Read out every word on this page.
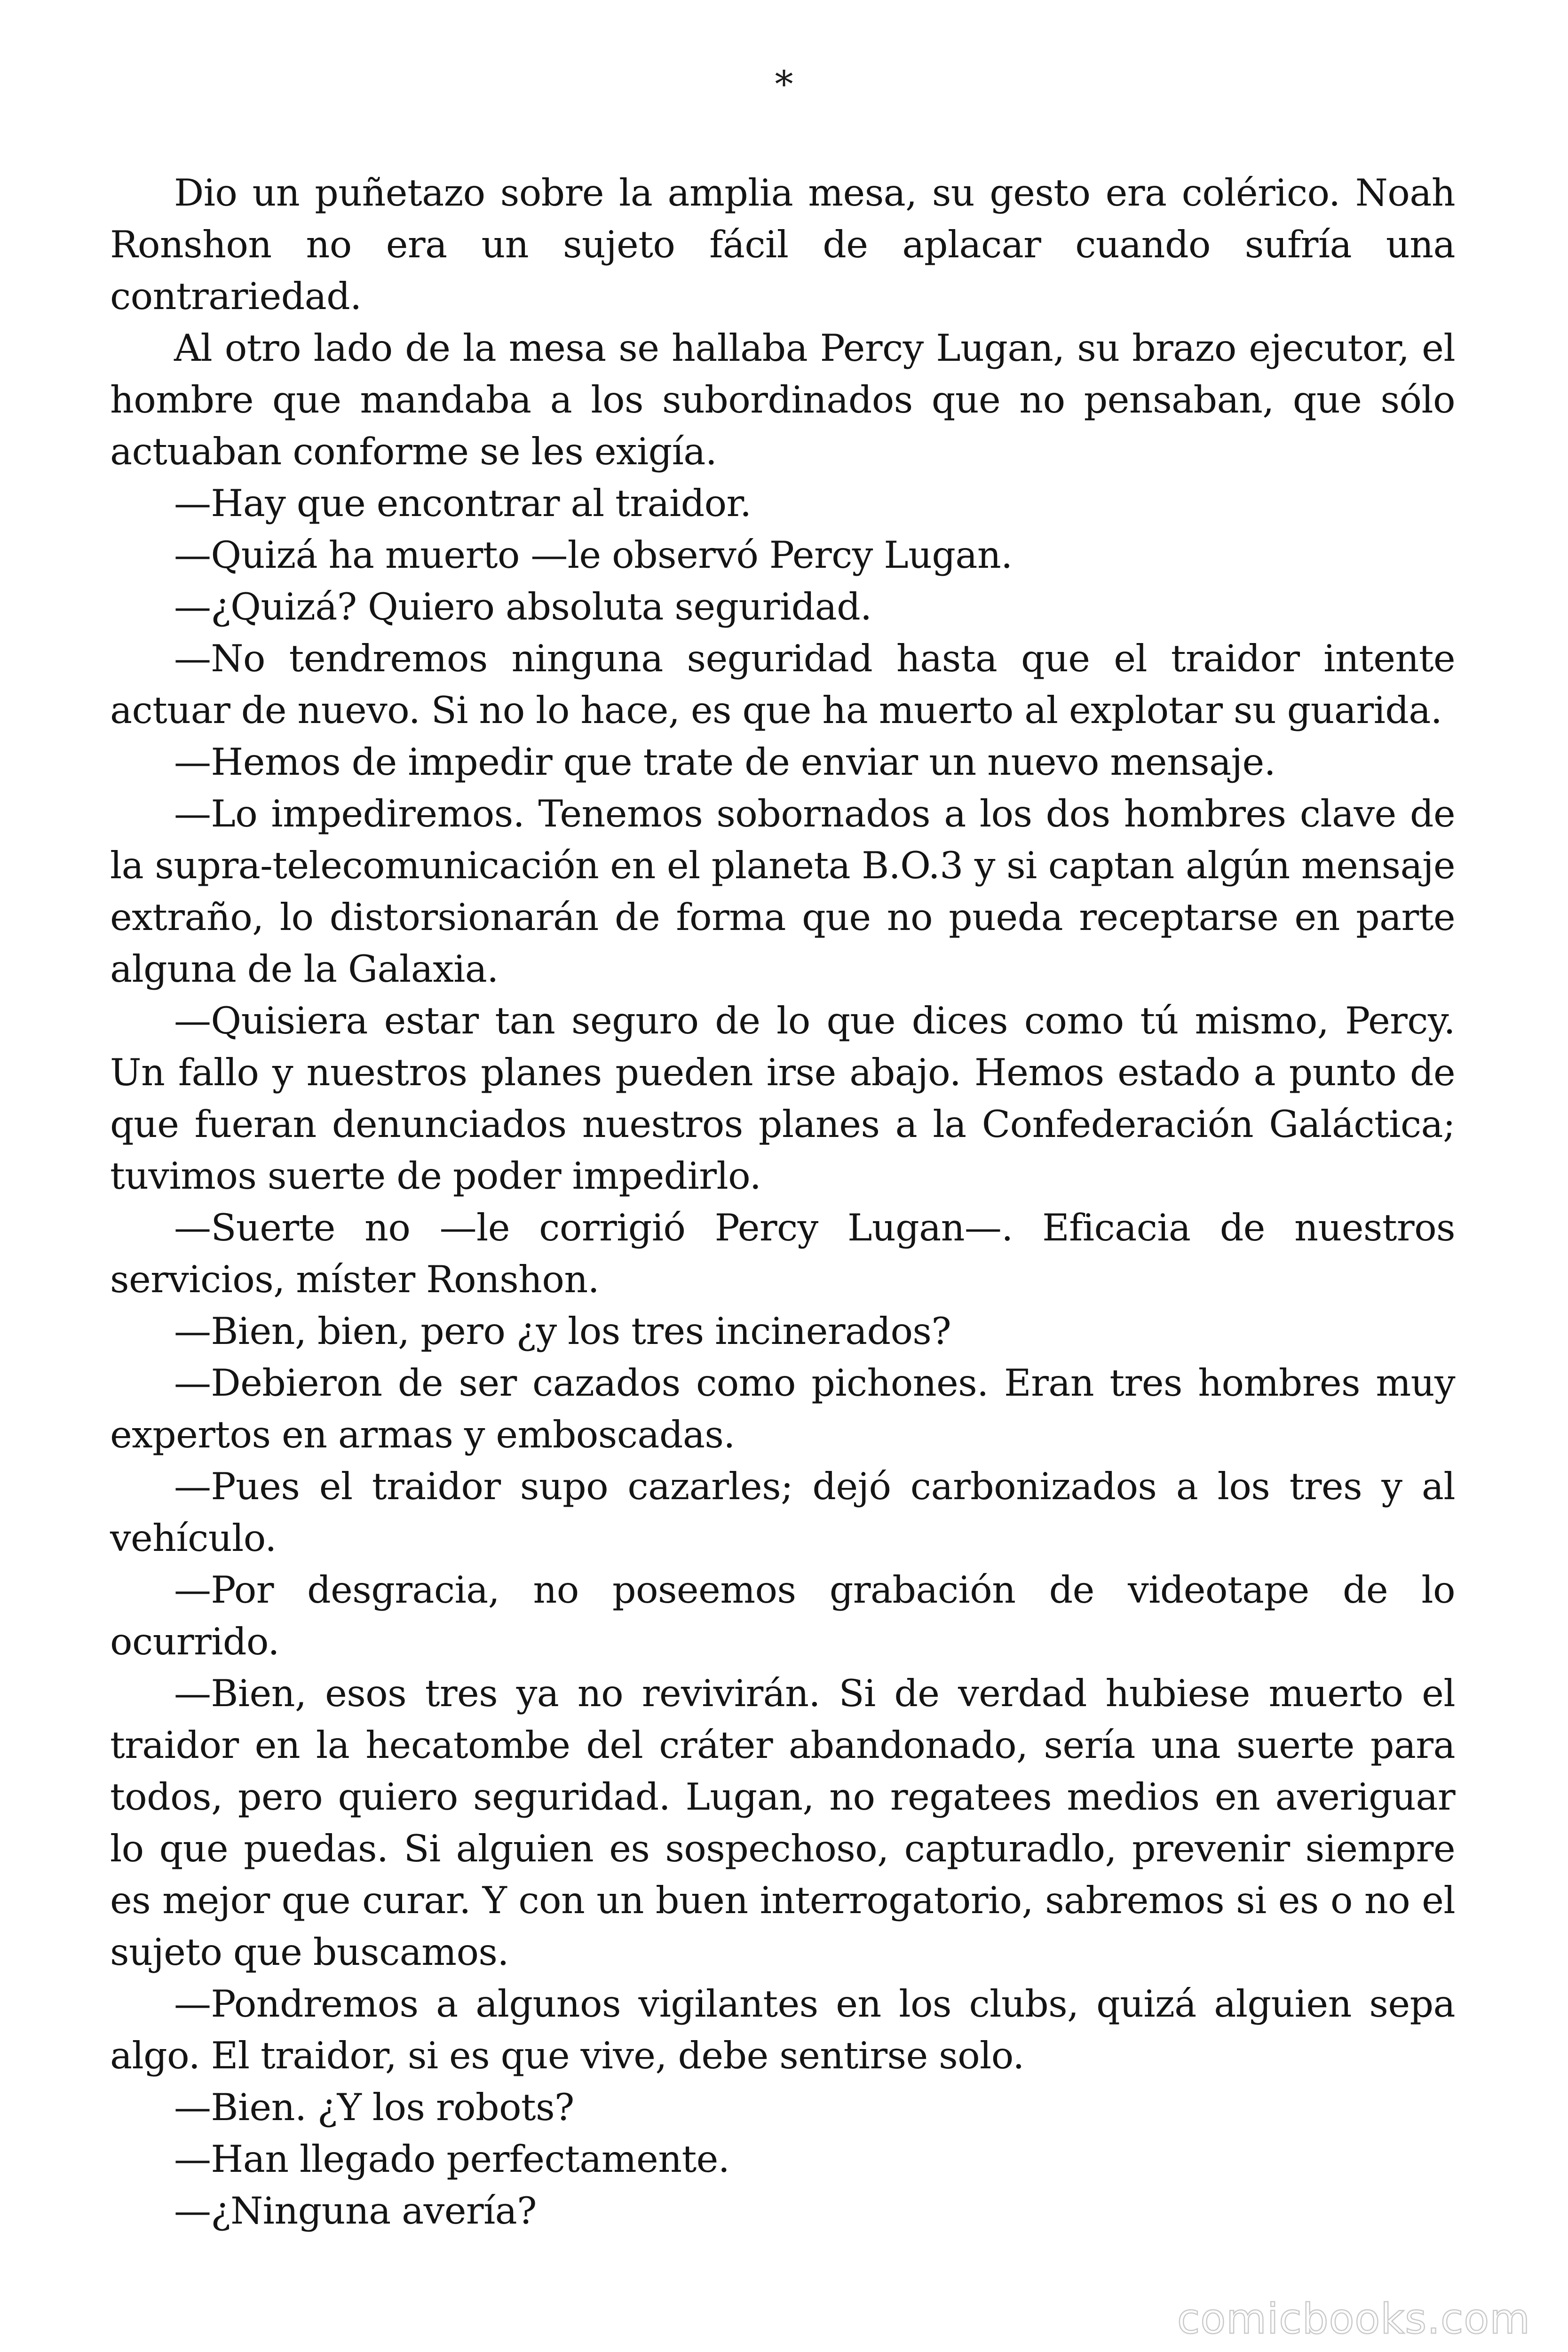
*

Dio un puñetazo sobre la amplia mesa, su gesto era colérico. Noah Ronshon no era un sujeto fácil de aplacar cuando sufría una contrariedad.

Al otro lado de la mesa se hallaba Percy Lugan, su brazo ejecutor, el hombre que mandaba a los subordinados que no pensaban, que sólo actuaban conforme se les exigía.

—Hay que encontrar al traidor.

—Quizá ha muerto —le observó Percy Lugan.

—¿Quizá? Quiero absoluta seguridad.

—No tendremos ninguna seguridad hasta que el traidor intente actuar de nuevo. Si no lo hace, es que ha muerto al explotar su guarida.

—Hemos de impedir que trate de enviar un nuevo mensaje.

—Lo impediremos. Tenemos sobornados a los dos hombres clave de la supra-telecomunicación en el planeta B.O.3 y si captan algún mensaje extraño, lo distorsionarán de forma que no pueda receptarse en parte alguna de la Galaxia.

—Quisiera estar tan seguro de lo que dices como tú mismo, Percy. Un fallo y nuestros planes pueden irse abajo. Hemos estado a punto de que fueran denunciados nuestros planes a la Confederación Galáctica; tuvimos suerte de poder impedirlo.

—Suerte no —le corrigió Percy Lugan—. Eficacia de nuestros servicios, míster Ronshon.

—Bien, bien, pero ¿y los tres incinerados?

—Debieron de ser cazados como pichones. Eran tres hombres muy expertos en armas y emboscadas.

—Pues el traidor supo cazarles; dejó carbonizados a los tres y al vehículo.

—Por desgracia, no poseemos grabación de videotape de lo ocurrido.

—Bien, esos tres ya no revivirán. Si de verdad hubiese muerto el traidor en la hecatombe del cráter abandonado, sería una suerte para todos, pero quiero seguridad. Lugan, no regatees medios en averiguar lo que puedas. Si alguien es sospechoso, capturadlo, prevenir siempre es mejor que curar. Y con un buen interrogatorio, sabremos si es o no el sujeto que buscamos.

—Pondremos a algunos vigilantes en los clubs, quizá alguien sepa algo. El traidor, si es que vive, debe sentirse solo.

—Bien. ¿Y los robots?

—Han llegado perfectamente.

—¿Ninguna avería?

comicbooks.com
